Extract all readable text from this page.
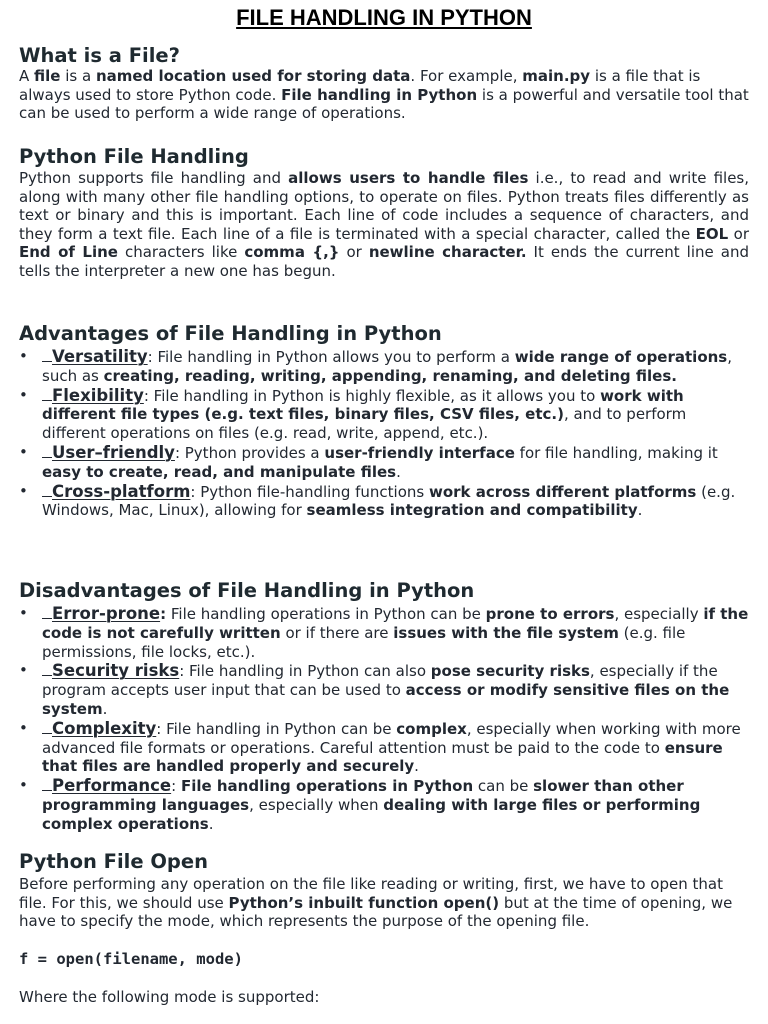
FILE HANDLING IN PYTHON
What is a File?

A file is a named location used for storing data. For example, main.py is a file that is always used to store Python code. File handling in Python is a powerful and versatile tool that can be used to perform a wide range of operations.

Python File Handling

Python supports file handling and allows users to handle files i.e., to read and write files, along with many other file handling options, to operate on files. Python treats files differently as text or binary and this is important. Each line of code includes a sequence of characters, and they form a text file. Each line of a file is terminated with a special character, called the EOL or End of Line characters like comma {,} or newline character. It ends the current line and tells the interpreter a new one has begun.

Advantages of File Handling in Python
• Versatility: File handling in Python allows you to perform a wide range of operations, such as creating, reading, writing, appending, renaming, and deleting files.
• Flexibility: File handling in Python is highly flexible, as it allows you to work with different file types (e.g. text files, binary files, CSV files, etc.), and to perform different operations on files (e.g. read, write, append, etc.).
• User–friendly: Python provides a user-friendly interface for file handling, making it easy to create, read, and manipulate files.
• Cross-platform: Python file-handling functions work across different platforms (e.g. Windows, Mac, Linux), allowing for seamless integration and compatibility.
Disadvantages of File Handling in Python
• Error-prone: File handling operations in Python can be prone to errors, especially if the code is not carefully written or if there are issues with the file system (e.g. file permissions, file locks, etc.).
• Security risks: File handling in Python can also pose security risks, especially if the program accepts user input that can be used to access or modify sensitive files on the system.
• Complexity: File handling in Python can be complex, especially when working with more advanced file formats or operations. Careful attention must be paid to the code to ensure that files are handled properly and securely.
• Performance: File handling operations in Python can be slower than other programming languages, especially when dealing with large files or performing complex operations.
Python File Open

Before performing any operation on the file like reading or writing, first, we have to open that file. For this, we should use Python’s inbuilt function open() but at the time of opening, we have to specify the mode, which represents the purpose of the opening file.

f = open(filename, mode)

Where the following mode is supported:
